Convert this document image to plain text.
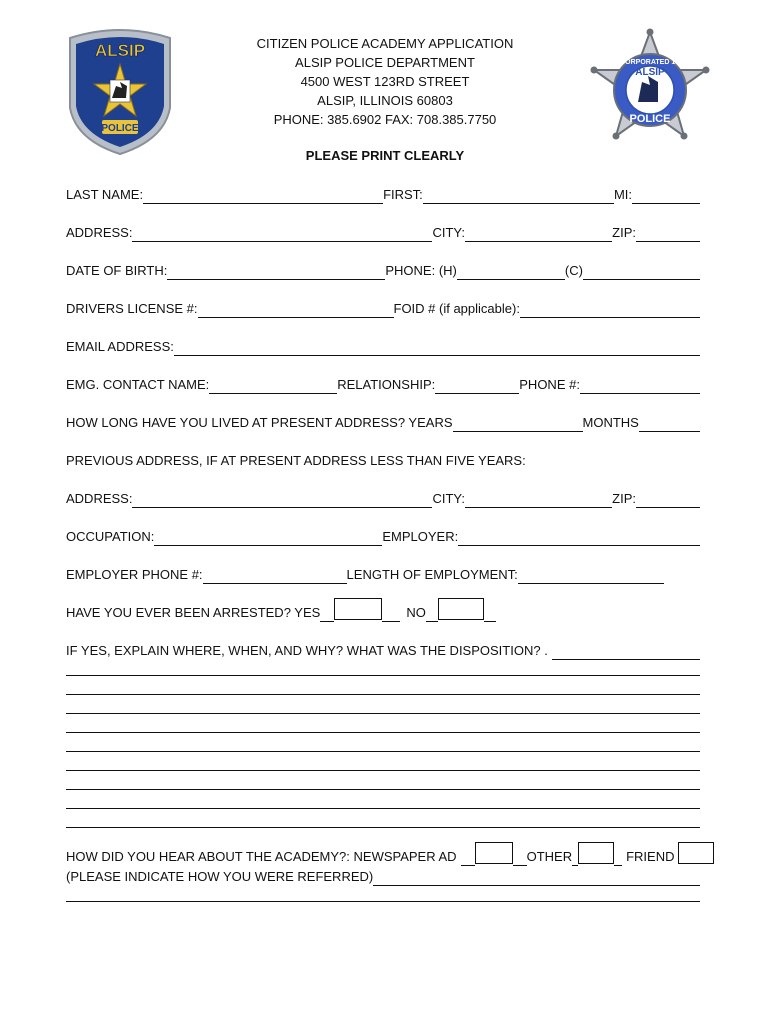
ALSIP
POLICE
INCORPORATED 1927
ALSIP
POLICE
CITIZEN POLICE ACADEMY APPLICATION
ALSIP POLICE DEPARTMENT
4500 WEST 123RD STREET
ALSIP, ILLINOIS 60803
PHONE: 385.6902 FAX: 708.385.7750
PLEASE PRINT CLEARLY
LAST NAME:	FIRST:	MI:
ADDRESS:	CITY:	ZIP:
DATE OF BIRTH:	PHONE: (H)	(C)
DRIVERS LICENSE #:	FOID # (if applicable):
EMAIL ADDRESS:
EMG. CONTACT NAME:	RELATIONSHIP:	PHONE #:
HOW LONG HAVE YOU LIVED AT PRESENT ADDRESS? YEARS	MONTHS
PREVIOUS ADDRESS, IF AT PRESENT ADDRESS LESS THAN FIVE YEARS:
ADDRESS:	CITY:	ZIP:
OCCUPATION:	EMPLOYER:
EMPLOYER PHONE #:	LENGTH OF EMPLOYMENT:
HAVE YOU EVER BEEN ARRESTED? YES	NO
IF YES, EXPLAIN WHERE, WHEN, AND WHY? WHAT WAS THE DISPOSITION? .
HOW DID YOU HEAR ABOUT THE ACADEMY?: NEWSPAPER AD	OTHER	FRIEND
(PLEASE INDICATE HOW YOU WERE REFERRED)
